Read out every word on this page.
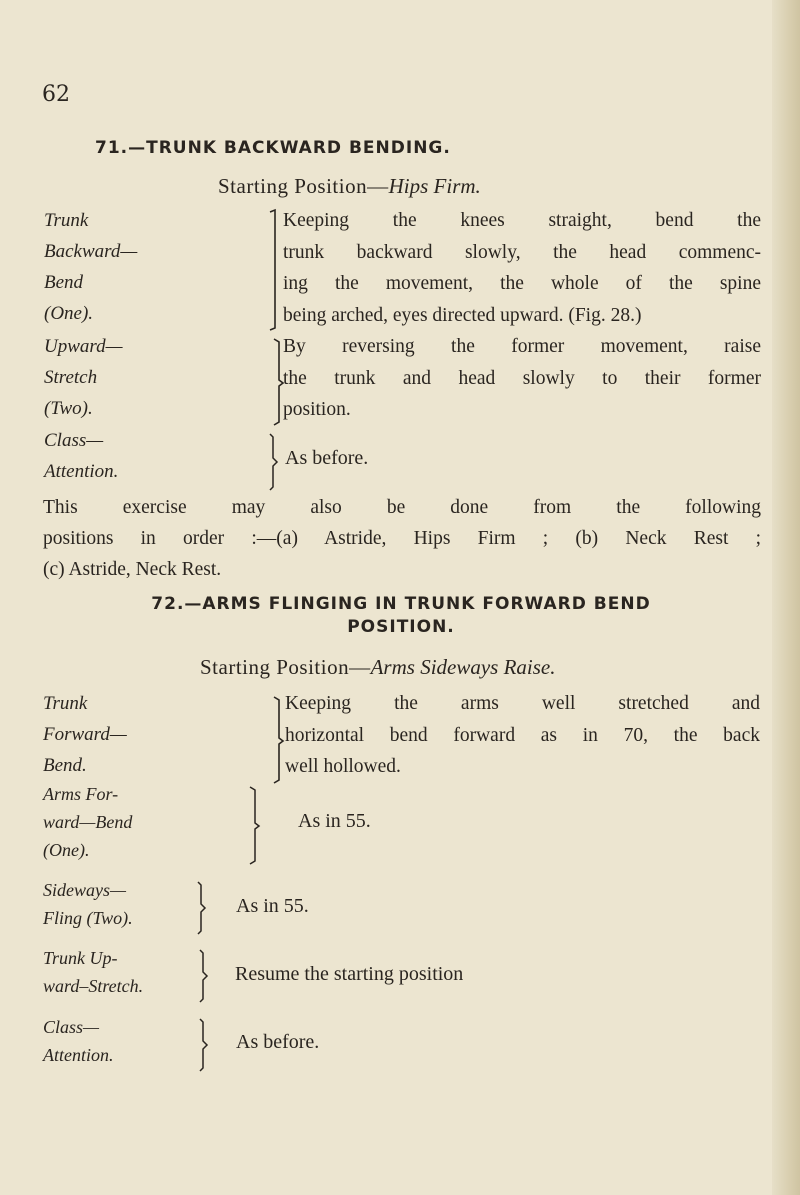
62
71.—TRUNK BACKWARD BENDING.
Starting Position—Hips Firm.
Trunk
Backward—
Bend
(One).
Keeping the knees straight, bend the
trunk backward slowly, the head commenc-
ing the movement, the whole of the spine
being arched, eyes directed upward. (Fig. 28.)
Upward—
Stretch
(Two).
By reversing the former movement, raise
the trunk and head slowly to their former
position.
Class—
Attention.
As before.
This exercise may also be done from the following
positions in order :—(a) Astride, Hips Firm ; (b) Neck Rest ;
(c) Astride, Neck Rest.
72.—ARMS FLINGING IN TRUNK FORWARD BEND
POSITION.
Starting Position—Arms Sideways Raise.
Trunk
Forward—
Bend.
Keeping the arms well stretched and
horizontal bend forward as in 70, the back
well hollowed.
Arms For-
ward—Bend
(One).
As in 55.
Sideways—
Fling (Two).
As in 55.
Trunk Up-
ward–Stretch.
Resume the starting position
Class—
Attention.
As before.
